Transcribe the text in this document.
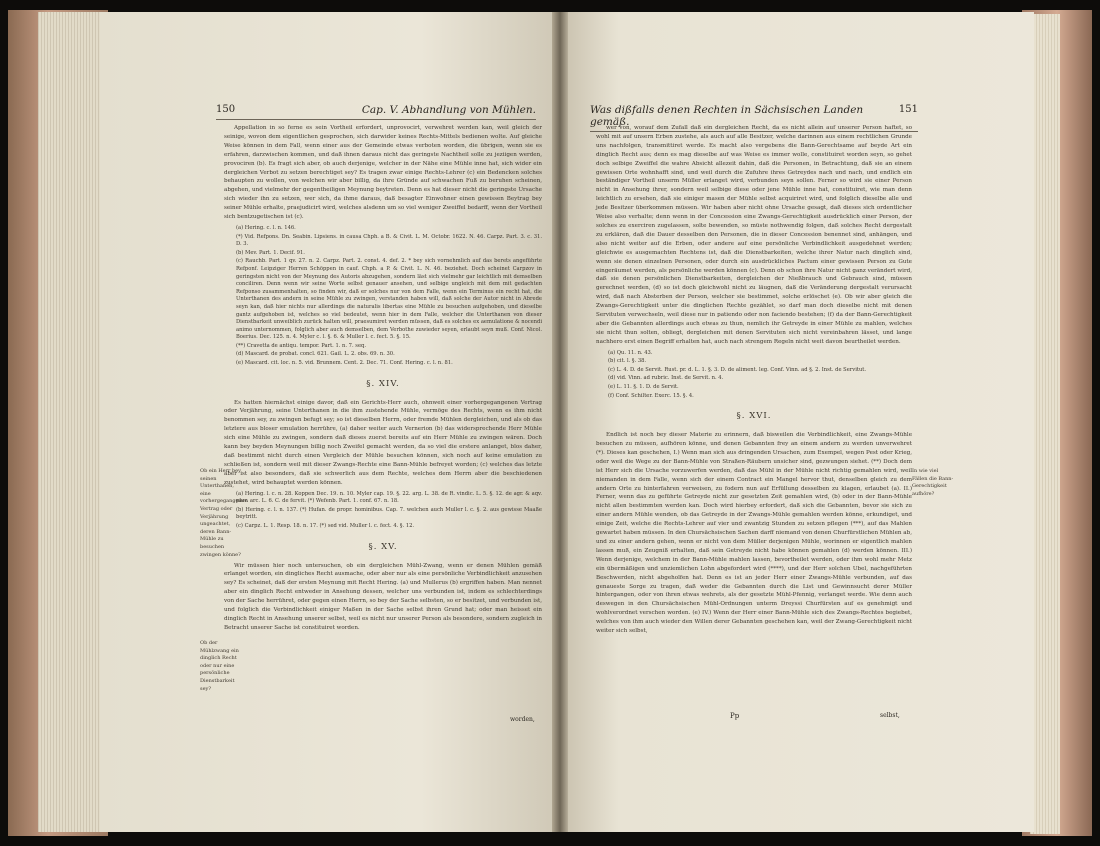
150	Cap. V. Abhandlung von Mühlen.

Appellation in so ferne es sein Vortheil erfordert, unprovocirt, verwehret werden kan, weil gleich der seinige, wovon dem eigentlichen gesprochen, sich darwider keines Rechts-Mittels bedienen wolte. Auf gleiche Weise können in dem Fall, wenn einer aus der Gemeinde etwas verboten worden, die übrigen, wenn sie es erfahren, darzwischen kommen, und daß ihnen daraus nicht das geringste Nachtheil solle zu jeziigen werden, provociren (b). Es fragt sich aber, ob auch derjenige, welcher in der Nähe eine Mühle inne hat, sich wider ein dergleichen Verbot zu setzen berechtiget sey? Es tragen zwar einige Rechts-Lehrer (c) ein Bedencken solches behaupten zu wollen, von welchen wir aber billig, da ihre Gründe auf schwachen Fuß zu beruhen scheinen, abgehen, und vielmehr der gegentheiligen Meynung beytreten. Denn es hat dieser nicht die geringste Ursache sich wieder ihn zu setzen, wer sich, da ihme daraus, daß besagter Einwohner einen gewissen Beytrag bey seiner Mühle erhalte, praejudicirt wird, welches alsdenn um so viel weniger Zweiffel bedarff, wenn der Vortheil sich bentzugetischen ist (c).

(a) Hering. c. l. n. 146.
(*) Vid. Refpons. Dn. Seabin. Lipsiens. in causa Chph. a B. & Civit. L. M. Octobr. 1622. N. 46. Carpz. Part. 3. c. 31. D. 3.
(b) Mev. Part. 1. Decif. 91.
(c) Rauchb. Part. 1 qv. 27. n. 2. Carpz. Part. 2. const. 4. def. 2. * bey sich vornehmlich auf das berets angeführte Refponf. Leipziger Herren Schöppen in cauf. Chph. a P. & Civit. L. N. 46. beziehet. Doch scheinet Carpzov in geringsten nicht von der Meynung des Autoris abzugehen, sondern läst sich vielmehr gar leichtlich mit demselben conciliren. Denn wenn wir seine Worte selbst genauer ansehen, und selbige ungleich mit dem mit gedachten Refponso zusammenhalten, so finden wir, daß er solches nur von dem Falle, wenn ein Terminus ein recht hat, die Unterthanen des andern in seine Mühle zu zwingen, verstanden haben will, daß solche der Autor nicht in Abrede seyn kan, daß hier nichts nur allerdings die naturalis libertas eine Mühle zu besuchen aufgehoben, und dieselbe gantz aufgehoben ist, welches so viel bedeutet, wenn hier in dem Falle, welcher die Unterthanen von dieser Dienstbarkeit unweiblich zurück halten will, praesumiret werden müssen, daß es solches ex aemulatione & nocendi animo unternommen, folglich aber auch demselben, dem Verbothe zuwieder seyen, erlaubt seyn muß. Conf. Nicol. Boerius. Dec. 125. n. 4. Myler c. l. §. 6. & Muller l. c. fect. 5. §. 15.
(**) Cravetta de antiqu. tempor. Part. 1. n. 7. seq.
(d) Mascard. de probat. concl. 621. Gail. L. 2. obs. 69. n. 30.
(e) Mascard. cit. loc. n. 5. vid. Brunnem. Cent. 2. Dec. 71. Conf. Hering. c. l. n. 81.
§. XIV.

Es hatten hiernächst einige davor, daß ein Gerichts-Herr auch, ohnweit einer vorhergegangenen Vertrag oder Verjährung, seine Unterthanen in die ihm zustehende Mühle, vermöge des Rechts, wenn es ihm nicht benommen sey, zu zwingen befugt sey; so ist dieselben Herrn, oder fremde Mühlen dergleichen, und als ob das letztere aus bloser emulation herrühre, (a) daher weiter auch Vernerion (b) das widersprechende Herr Mühle sich eine Mühle zu zwingen, sondern daß dieses zuerst bereits auf ein Herr Mühle zu zwingen wären. Doch kann bey beyden Meynungen billig noch Zweifel gemacht werden, da so viel die erstere anlanget, blos daher, daß bestimmt nicht durch einen Vergleich der Mühle besuchen können, sich noch auf keine emulation zu schließen ist, sondern weil mit dieser Zwangs-Rechte eine Bann-Mühle befreyet worden; (c) welches das letzte aber ist also besonders, daß sie schwerlich aus dem Rechte, welches dem Herrn aber die beschiedenen zustehet, wird behauptet werden können.

(a) Hering. l. c. n. 28. Koppen Dec. 19. n. 10. Myler cap. 19. §. 22. arg. L. 38. de R. vindic. L. 5. §. 12. de agr. & aqv. pluv. arc. L. 6. C. de fervit. (*) Wefenb. Part. 1. conf. 67. n. 18.
(b) Hering. c. l. n. 137. (*) Hufan. de propr. hominibus. Cap. 7. welchen auch Muller l. c. §. 2. aus gewisse Maaße beytritt.
(c) Carpz. L. 1. Resp. 18. n. 17. (*) sed vid. Muller l. c. fect. 4. §. 12.
§. XV.

Wir müssen hier noch untersuchen, ob ein dergleichen Mühl-Zwang, wenn er denen Mühlen gemäß erlanget worden, ein dingliches Recht ausmache, oder aber nur als eine persönliche Verbindlichkeit anzusehen sey? Es scheinet, daß der ersten Meynung mit Recht Hering. (a) und Mullerus (b) ergriffen haben. Man nennet aber ein dinglich Recht entweder in Ansehung dessen, welcher uns verbunden ist, indem es schlechterdings von der Sache herrühret, oder gegen einen Herrn, so bey der Sache selbsten, so er besitzet, und verbunden ist, und folglich die Verbindlichkeit einiger Maßen in der Sache selbst ihren Grund hat; oder man heisset ein dinglich Recht in Ansehung unserer selbst, weil es nicht nur unserer Person als besondere, sondern zugleich in Betracht unserer Sache ist constituiret worden.

Ob ein Herr bey seinen Unterthanen, eine vorhergegangenen Vertrag oder Verjährung ungeachtet, deren Bann-Mühle zu besuchen zwingen könne?
Ob der Mühlzwang ein dinglich Recht oder nur eine persönliche Dienstbarkeit sey?
worden,
Was dißfalls denen Rechten in Sächsischen Landen gemäß.
151

wer von, worauf dem Zufall daß ein dergleichen Recht, da es nicht allein auf unserer Person haftet, so wohl mit auf unsern Erben zustehe, als auch auf alle Besitzer, welche darinnen aus einem rechtlichen Grunde uns nachfolgen, transmittiret werde. Es macht also vergebens die Bann-Gerechtsame auf beyde Art ein dinglich Recht aus; denn es mag dieselbe auf was Weise es immer wolle, constituiret worden seyn, so gehet doch selbige Zweiffel die wahre Absicht allezeit dahin, daß die Personen, in Betrachtung, daß sie an einem gewissen Orte wohnhafft sind, und weil durch die Zufuhre ihres Getreydes nach und nach, und endlich ein beständiger Vortheil unserm Müller erlanget wird, verbunden seyn sollen. Ferner so wird sie einer Person nicht in Ansehung ihrer, sondern weil selbige diese oder jene Mühle inne hat, constituiret, wie man denn leichtlich zu ersehen, daß sie einiger masen der Mühle selbst acquiriret wird, und folglich dieselbe alle und jede Besitzer überkommen müssen. Wir haben aber nicht ohne Ursache gesagt, daß dieses sich ordentlicher Weise also verhalte; denn wenn in der Concession eine Zwangs-Gerechtigkeit ausdrücklich einer Person, der solches zu exerciren zugelassen, solte bewenden, so müste nothwendig folgen, daß solches Recht dergestalt zu erklären, daß die Dauer desselben den Personen, die in dieser Concession benennet sind, anhängen, und also nicht weiter auf die Erben, oder andere auf eine persönliche Verbindlichkeit ausgedehnet werden; gleichwie es ausgemachten Rechtens ist, daß die Dienstbarkeiten, welche ihrer Natur nach dinglich sind, wenn sie denen einzelnen Personen, oder durch ein ausdrückliches Pactum einer gewissen Person zu Gute eingeräumet werden, als persönliche werden können (c). Denn ob schon ihre Natur nicht ganz verändert wird, daß sie denen persönlichen Dienstbarkeiten, dergleichen der Nießbrauch und Gebrauch sind, müssen gerechnet werden, (d) so ist doch gleichwohl nicht zu läugnen, daß die Veränderung dergestalt verursacht wird, daß nach Absterben der Person, welcher sie bestimmet, solche erlöschet (e). Ob wir aber gleich die Zwangs-Gerechtigkeit unter die dinglichen Rechte gezählet, so darf man doch dieselbe nicht mit denen Servituten verwechseln, weil diese nur in patiendo oder non faciendo bestehen; (f) da der Bann-Gerechtigkeit aber die Gebannten allerdings auch etwas zu thun, nemlich ihr Getreyde in einer Mühle zu mahlen, welches sie nicht thun solten, obliegt, dergleichen mit denen Servituten sich nicht vereinbahren lässet, und lange nachhero erst einen Begriff erhalten hat, auch nach strengem Regeln nicht weit davon beurtheilet werden.

(a) Qu. 11. n. 43.
(b) cit. l. §. 38.
(c) L. 4. D. de Servit. Rust. pr. d. L. 1. §. 3. D. de aliment. leg. Conf. Vinn. ad §. 2. Inst. de Servitut.
(d) vid. Vinn. ad rubric. Inst. de Servit. n. 4.
(e) L. 11. §. 1. D. de Servit.
(f) Conf. Schilter. Exerc. 15. §. 4.
§. XVI.

Endlich ist noch bey dieser Materie zu erinnern, daß bisweilen die Verbindlichkeit, eine Zwangs-Mühle besuchen zu müssen, aufhören könne, und denen Gebannten frey an einem andern zu werden unverwehret (*). Dieses kan geschehen, I.) Wenn man sich aus dringenden Ursachen, zum Exempel, wegen Pest oder Krieg, oder weil die Wege zu der Bann-Mühle von Straßen-Räubern unsicher sind, gezwungen siehet. (**) Doch dem ist Herr sich die Ursache vorzuwerfen werden, daß das Mühl in der Mühle nicht richtig gemahlen wird, weil niemanden in dem Falle, wenn sich der einem Contract ein Mangel hervor thut, denselben gleich zu dem andern Orte zu hinterfahren verweisen, zu fodern nun auf Erfüllung desselben zu klagen, erlaubet (a). II.) Ferner, wenn das zu geführte Getreyde nicht zur gesetzten Zeit gemahlen wird, (b) oder in der Bann-Mühle nicht allen bestimmten werden kan. Doch wird hierbey erfordert, daß sich die Gebannten, bevor sie sich zu einer andern Mühle wenden, ob das Getreyde in der Zwangs-Mühle gemahlen werden könne, erkundiget, und einige Zeit, welche die Rechts-Lehrer auf vier und zwantzig Stunden zu setzen pflegen (***), auf das Mahlen gewartet haben müssen. In den Chursächsischen Sachen darff niemand von denen Churfürstlichen Mühlen ab, und zu einer andern gehen, wenn er nicht von dem Müller derjenigen Mühle, worinnen er eigentlich mahlen lassen muß, ein Zeugniß erhalten, daß sein Getreyde nicht habe können gemahlen (d) werden können. III.) Wenn derjenige, welchem in der Bann-Mühle mahlen lassen, bevortheilet werden, oder ihm wohl mehr Metz ein übermäßigen und unziemlichen Lohn abgefordert wird (****), und der Herr solchen Ubel, nachgeführten Beschwerden, nicht abgeholfen hat. Denn es ist an jeder Herr einer Zwangs-Mühle verbunden, auf das genaueste Sorge zu tragen, daß weder die Gebannten durch die List und Gewinnsucht derer Müller hintergangen, oder von ihren etwas wehrets, als der gesetzte Mühl-Pfennig, verlanget werde. Wie denn auch deswegen in den Chursächsischen Mühl-Ordnungen unterm Dreyssi Churfürsten auf es genehmigt und wohlverordnet verschen worden. (e) IV.) Wenn der Herr einer Bann-Mühle sich des Zwangs-Rechtes begiebet, welches von ihm auch wieder den Willen derer Gebannten geschehen kan, weil der Zwang-Gerechtigkeit nicht weiter sich selbst,

In wie viel Fällen die Bann-Gerechtigkeit aufhöre?
Pp	selbst,
